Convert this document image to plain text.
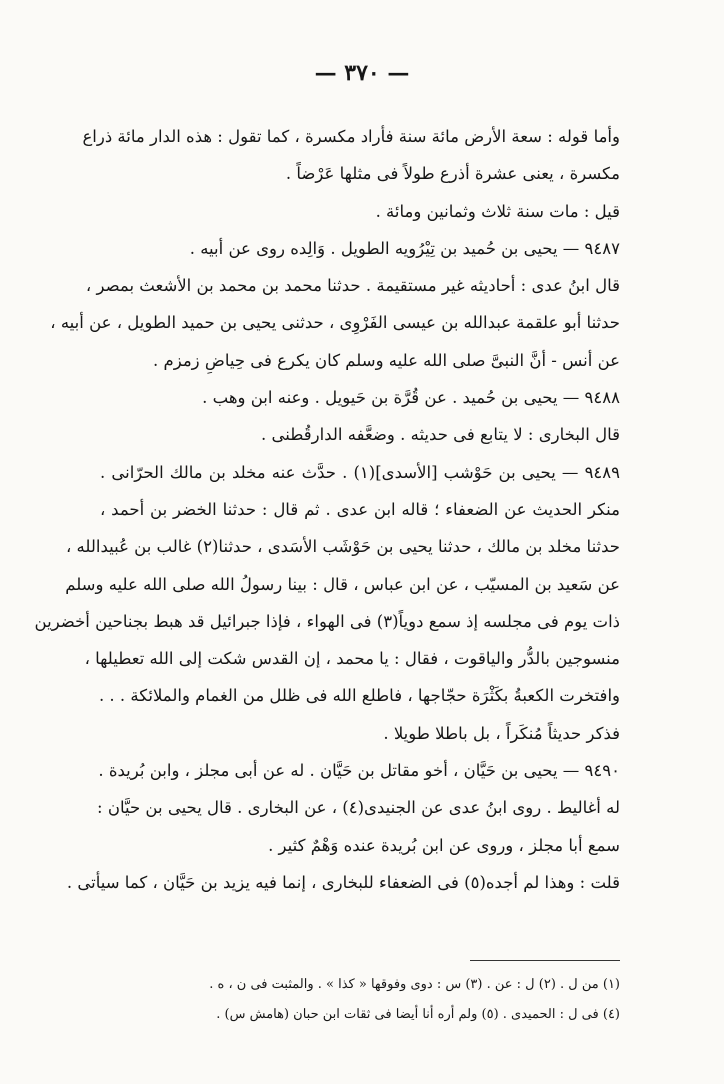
— ٣٧٠ —
وأما قوله : سعة الأرض مائة سنة فأراد مكسرة ، كما تقول : هذه الدار مائة ذراع
مكسرة ، يعنى عشرة أذرع طولاً فى مثلها عَرْضاً .
قيل : مات سنة ثلاث وثمانين ومائة .
٩٤٨٧ — يحيى بن حُميد بن تِيْرُويه الطويل . وَالِده روى عن أبيه .
قال ابنُ عدى : أحاديثه غير مستقيمة . حدثنا محمد بن محمد بن الأشعث بمصر ،
حدثنا أبو علقمة عبدالله بن عيسى الفَرْوِى ، حدثنى يحيى بن حميد الطويل ، عن أبيه ،
عن أنس - أنَّ النبىَّ صلى الله عليه وسلم كان يكرع فى حِياضِ زمزم .
٩٤٨٨ — يحيى بن حُميد . عن قُرَّة بن حَيويل . وعنه ابن وهب .
قال البخارى : لا يتابع فى حديثه . وضعَّفه الدارقُطنى .
٩٤٨٩ — يحيى بن حَوْشب [الأسدى](١) . حدَّث عنه مخلد بن مالك الحرّانى .
منكر الحديث عن الضعفاء ؛ قاله ابن عدى . ثم قال : حدثنا الخضر بن أحمد ،
حدثنا مخلد بن مالك ، حدثنا يحيى بن حَوْشَب الأسَدى ، حدثنا(٢) غالب بن عُبيدالله ،
عن سَعيد بن المسيّب ، عن ابن عباس ، قال : بينا رسولُ الله صلى الله عليه وسلم
ذات يوم فى مجلسه إذ سمع دوياً(٣) فى الهواء ، فإذا جبرائيل قد هبط بجناحين أخضرين
منسوجين بالدُّر والياقوت ، فقال : يا محمد ، إن القدس شكت إلى الله تعطيلها ،
وافتخرت الكعبةُ بكَثْرَة حجّاجها ، فاطلع الله فى ظلل من الغمام والملائكة . . .
فذكر حديثاً مُنكَراً ، بل باطلا طويلا .
٩٤٩٠ — يحيى بن حَيَّان ، أخو مقاتل بن حَيَّان . له عن أبى مجلز ، وابن بُريدة .
له أغاليط . روى ابنُ عدى عن الجنيدى(٤) ، عن البخارى . قال يحيى بن حيَّان :
سمع أبا مجلز ، وروى عن ابن بُريدة عنده وَهْمٌ كثير .
قلت : وهذا لم أجده(٥) فى الضعفاء للبخارى ، إنما فيه يزيد بن حَيَّان ، كما سيأتى .
(١) من ل . (٢) ل : عن . (٣) س : دوى وفوقها « كذا » . والمثبت فى ن ، ه .
(٤) فى ل : الحميدى . (٥) ولم أره أنا أيضا فى ثقات ابن حبان (هامش س) .
